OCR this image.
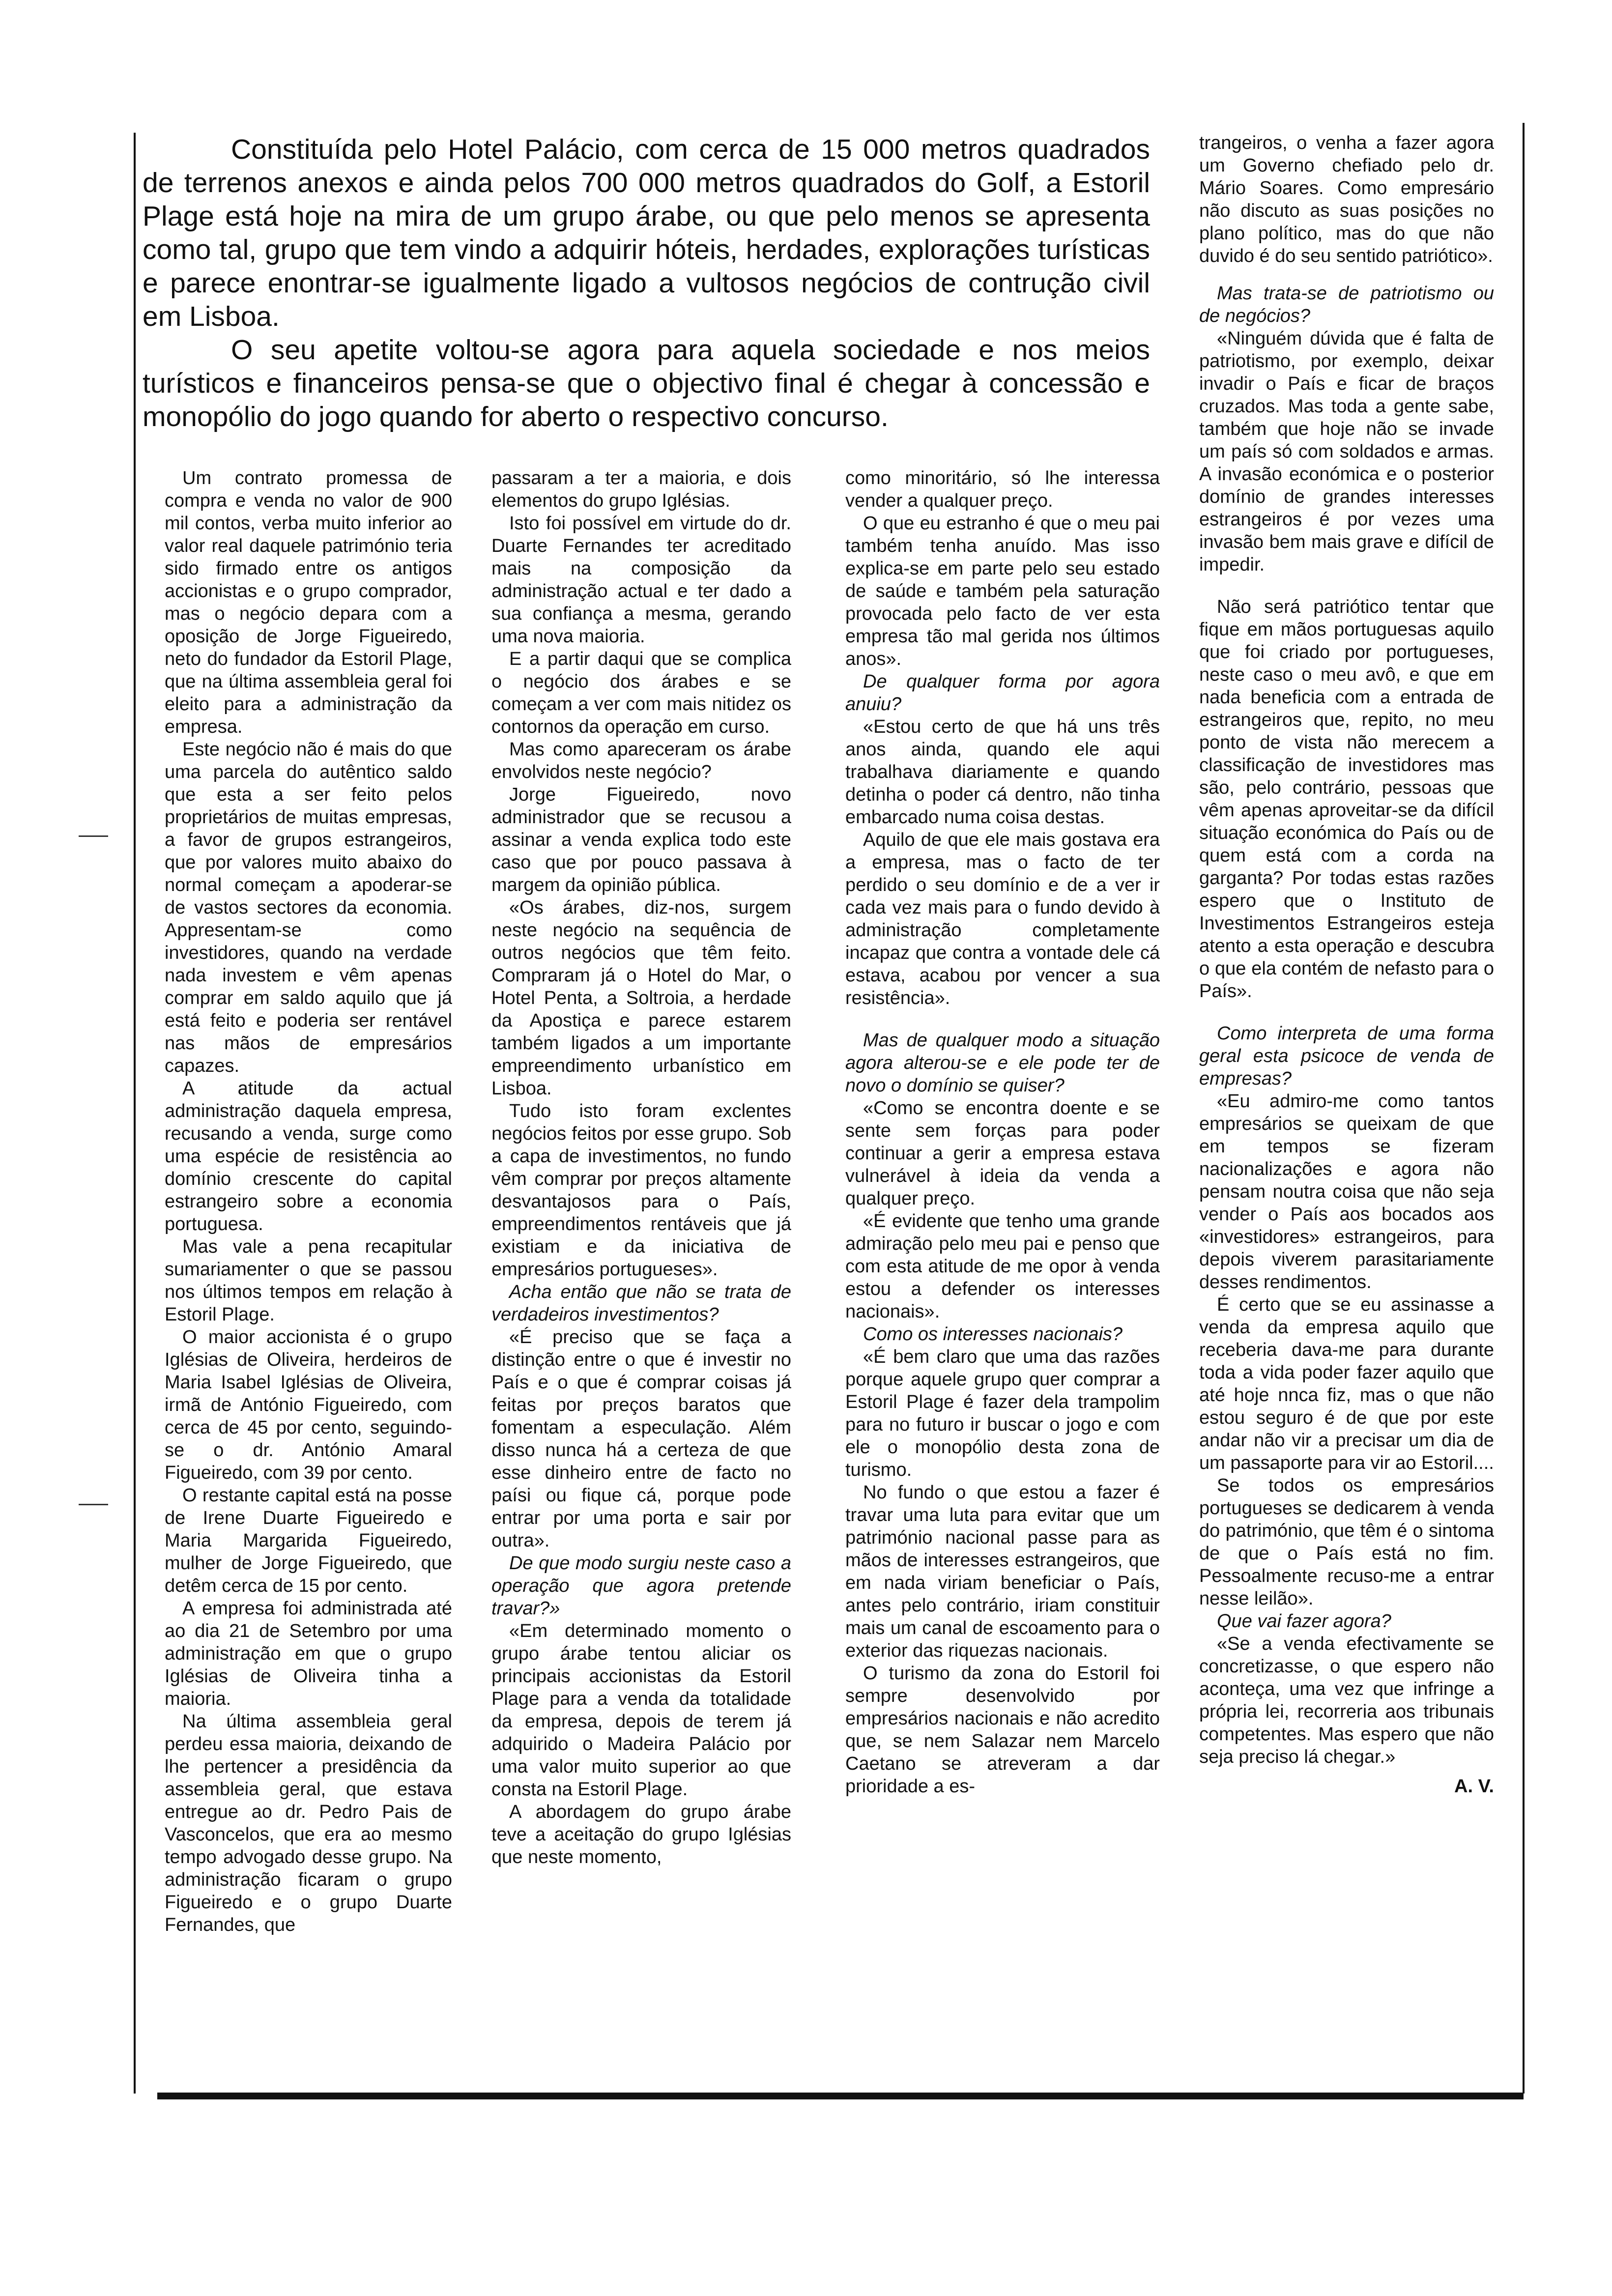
Constituída pelo Hotel Palácio, com cerca de 15 000 metros quadrados de terrenos anexos e ainda pelos 700 000 metros quadrados do Golf, a Estoril Plage está hoje na mira de um grupo árabe, ou que pelo menos se apresenta como tal, grupo que tem vindo a adquirir hóteis, herdades, explorações turísticas e parece enontrar-se igualmente ligado a vultosos negócios de contrução civil em Lisboa.

O seu apetite voltou-se agora para aquela sociedade e nos meios turísticos e financeiros pensa-se que o objectivo final é chegar à concessão e monopólio do jogo quando for aberto o respectivo concurso.

Um contrato promessa de compra e venda no valor de 900 mil contos, verba muito inferior ao valor real daquele património teria sido firmado entre os antigos accionistas e o grupo comprador, mas o negócio depara com a oposição de Jorge Figueiredo, neto do fundador da Estoril Plage, que na última assembleia geral foi eleito para a administração da empresa.

Este negócio não é mais do que uma parcela do autêntico saldo que esta a ser feito pelos proprietários de muitas empresas, a favor de grupos estrangeiros, que por valores muito abaixo do normal começam a apoderar-se de vastos sectores da economia. Appresentam-se como investidores, quando na verdade nada investem e vêm apenas comprar em saldo aquilo que já está feito e poderia ser rentável nas mãos de empresários capazes.

A atitude da actual administração daquela empresa, recusando a venda, surge como uma espécie de resistência ao domínio crescente do capital estrangeiro sobre a economia portuguesa.

Mas vale a pena recapitular sumariamenter o que se passou nos últimos tempos em relação à Estoril Plage.

O maior accionista é o grupo Iglésias de Oliveira, herdeiros de Maria Isabel Iglésias de Oliveira, irmã de António Figueiredo, com cerca de 45 por cento, seguindo-se o dr. António Amaral Figueiredo, com 39 por cento.

O restante capital está na posse de Irene Duarte Figueiredo e Maria Margarida Figueiredo, mulher de Jorge Figueiredo, que detêm cerca de 15 por cento.

A empresa foi administrada até ao dia 21 de Setembro por uma administração em que o grupo Iglésias de Oliveira tinha a maioria.

Na última assembleia geral perdeu essa maioria, deixando de lhe pertencer a presidência da assembleia geral, que estava entregue ao dr. Pedro Pais de Vasconcelos, que era ao mesmo tempo advogado desse grupo. Na administração ficaram o grupo Figueiredo e o grupo Duarte Fernandes, que

passaram a ter a maioria, e dois elementos do grupo Iglésias.

Isto foi possível em virtude do dr. Duarte Fernandes ter acreditado mais na composição da administração actual e ter dado a sua confiança a mesma, gerando uma nova maioria.

E a partir daqui que se complica o negócio dos árabes e se começam a ver com mais nitidez os contornos da operação em curso.

Mas como apareceram os árabe envolvidos neste negócio?

Jorge Figueiredo, novo administrador que se recusou a assinar a venda explica todo este caso que por pouco passava à margem da opinião pública.

«Os árabes, diz-nos, surgem neste negócio na sequência de outros negócios que têm feito. Compraram já o Hotel do Mar, o Hotel Penta, a Soltroia, a herdade da Apostiça e parece estarem também ligados a um importante empreendimento urbanístico em Lisboa.

Tudo isto foram exclentes negócios feitos por esse grupo. Sob a capa de investimentos, no fundo vêm comprar por preços altamente desvantajosos para o País, empreendimentos rentáveis que já existiam e da iniciativa de empresários portugueses».

Acha então que não se trata de verdadeiros investimentos?

«É preciso que se faça a distinção entre o que é investir no País e o que é comprar coisas já feitas por preços baratos que fomentam a especulação. Além disso nunca há a certeza de que esse dinheiro entre de facto no paísi ou fique cá, porque pode entrar por uma porta e sair por outra».

De que modo surgiu neste caso a operação que agora pretende travar?»

«Em determinado momento o grupo árabe tentou aliciar os principais accionistas da Estoril Plage para a venda da totalidade da empresa, depois de terem já adquirido o Madeira Palácio por uma valor muito superior ao que consta na Estoril Plage.

A abordagem do grupo árabe teve a aceitação do grupo Iglésias que neste momento,

como minoritário, só lhe interessa vender a qualquer preço.

O que eu estranho é que o meu pai também tenha anuído. Mas isso explica-se em parte pelo seu estado de saúde e também pela saturação provocada pelo facto de ver esta empresa tão mal gerida nos últimos anos».

De qualquer forma por agora anuiu?

«Estou certo de que há uns três anos ainda, quando ele aqui trabalhava diariamente e quando detinha o poder cá dentro, não tinha embarcado numa coisa destas.

Aquilo de que ele mais gostava era a empresa, mas o facto de ter perdido o seu domínio e de a ver ir cada vez mais para o fundo devido à administração completamente incapaz que contra a vontade dele cá estava, acabou por vencer a sua resistência».

Mas de qualquer modo a situação agora alterou-se e ele pode ter de novo o domínio se quiser?

«Como se encontra doente e se sente sem forças para poder continuar a gerir a empresa estava vulnerável à ideia da venda a qualquer preço.

«É evidente que tenho uma grande admiração pelo meu pai e penso que com esta atitude de me opor à venda estou a defender os interesses nacionais».

Como os interesses nacionais?

«É bem claro que uma das razões porque aquele grupo quer comprar a Estoril Plage é fazer dela trampolim para no futuro ir buscar o jogo e com ele o monopólio desta zona de turismo.

No fundo o que estou a fazer é travar uma luta para evitar que um património nacional passe para as mãos de interesses estrangeiros, que em nada viriam beneficiar o País, antes pelo contrário, iriam constituir mais um canal de escoamento para o exterior das riquezas nacionais.

O turismo da zona do Estoril foi sempre desenvolvido por empresários nacionais e não acredito que, se nem Salazar nem Marcelo Caetano se atreveram a dar prioridade a es-

trangeiros, o venha a fazer agora um Governo chefiado pelo dr. Mário Soares. Como empresário não discuto as suas posições no plano político, mas do que não duvido é do seu sentido patriótico».

Mas trata-se de patriotismo ou de negócios?

«Ninguém dúvida que é falta de patriotismo, por exemplo, deixar invadir o País e ficar de braços cruzados. Mas toda a gente sabe, também que hoje não se invade um país só com soldados e armas. A invasão económica e o posterior domínio de grandes interesses estrangeiros é por vezes uma invasão bem mais grave e difícil de impedir.

Não será patriótico tentar que fique em mãos portuguesas aquilo que foi criado por portugueses, neste caso o meu avô, e que em nada beneficia com a entrada de estrangeiros que, repito, no meu ponto de vista não merecem a classificação de investidores mas são, pelo contrário, pessoas que vêm apenas aproveitar-se da difícil situação económica do País ou de quem está com a corda na garganta? Por todas estas razões espero que o Instituto de Investimentos Estrangeiros esteja atento a esta operação e descubra o que ela contém de nefasto para o País».

Como interpreta de uma forma geral esta psicoce de venda de empresas?

«Eu admiro-me como tantos empresários se queixam de que em tempos se fizeram nacionalizações e agora não pensam noutra coisa que não seja vender o País aos bocados aos «investidores» estrangeiros, para depois viverem parasitariamente desses rendimentos.

É certo que se eu assinasse a venda da empresa aquilo que receberia dava-me para durante toda a vida poder fazer aquilo que até hoje nnca fiz, mas o que não estou seguro é de que por este andar não vir a precisar um dia de um passaporte para vir ao Estoril....

Se todos os empresários portugueses se dedicarem à venda do património, que têm é o sintoma de que o País está no fim. Pessoalmente recuso-me a entrar nesse leilão».

Que vai fazer agora?

«Se a venda efectivamente se concretizasse, o que espero não aconteça, uma vez que infringe a própria lei, recorreria aos tribunais competentes. Mas espero que não seja preciso lá chegar.»

A. V.
